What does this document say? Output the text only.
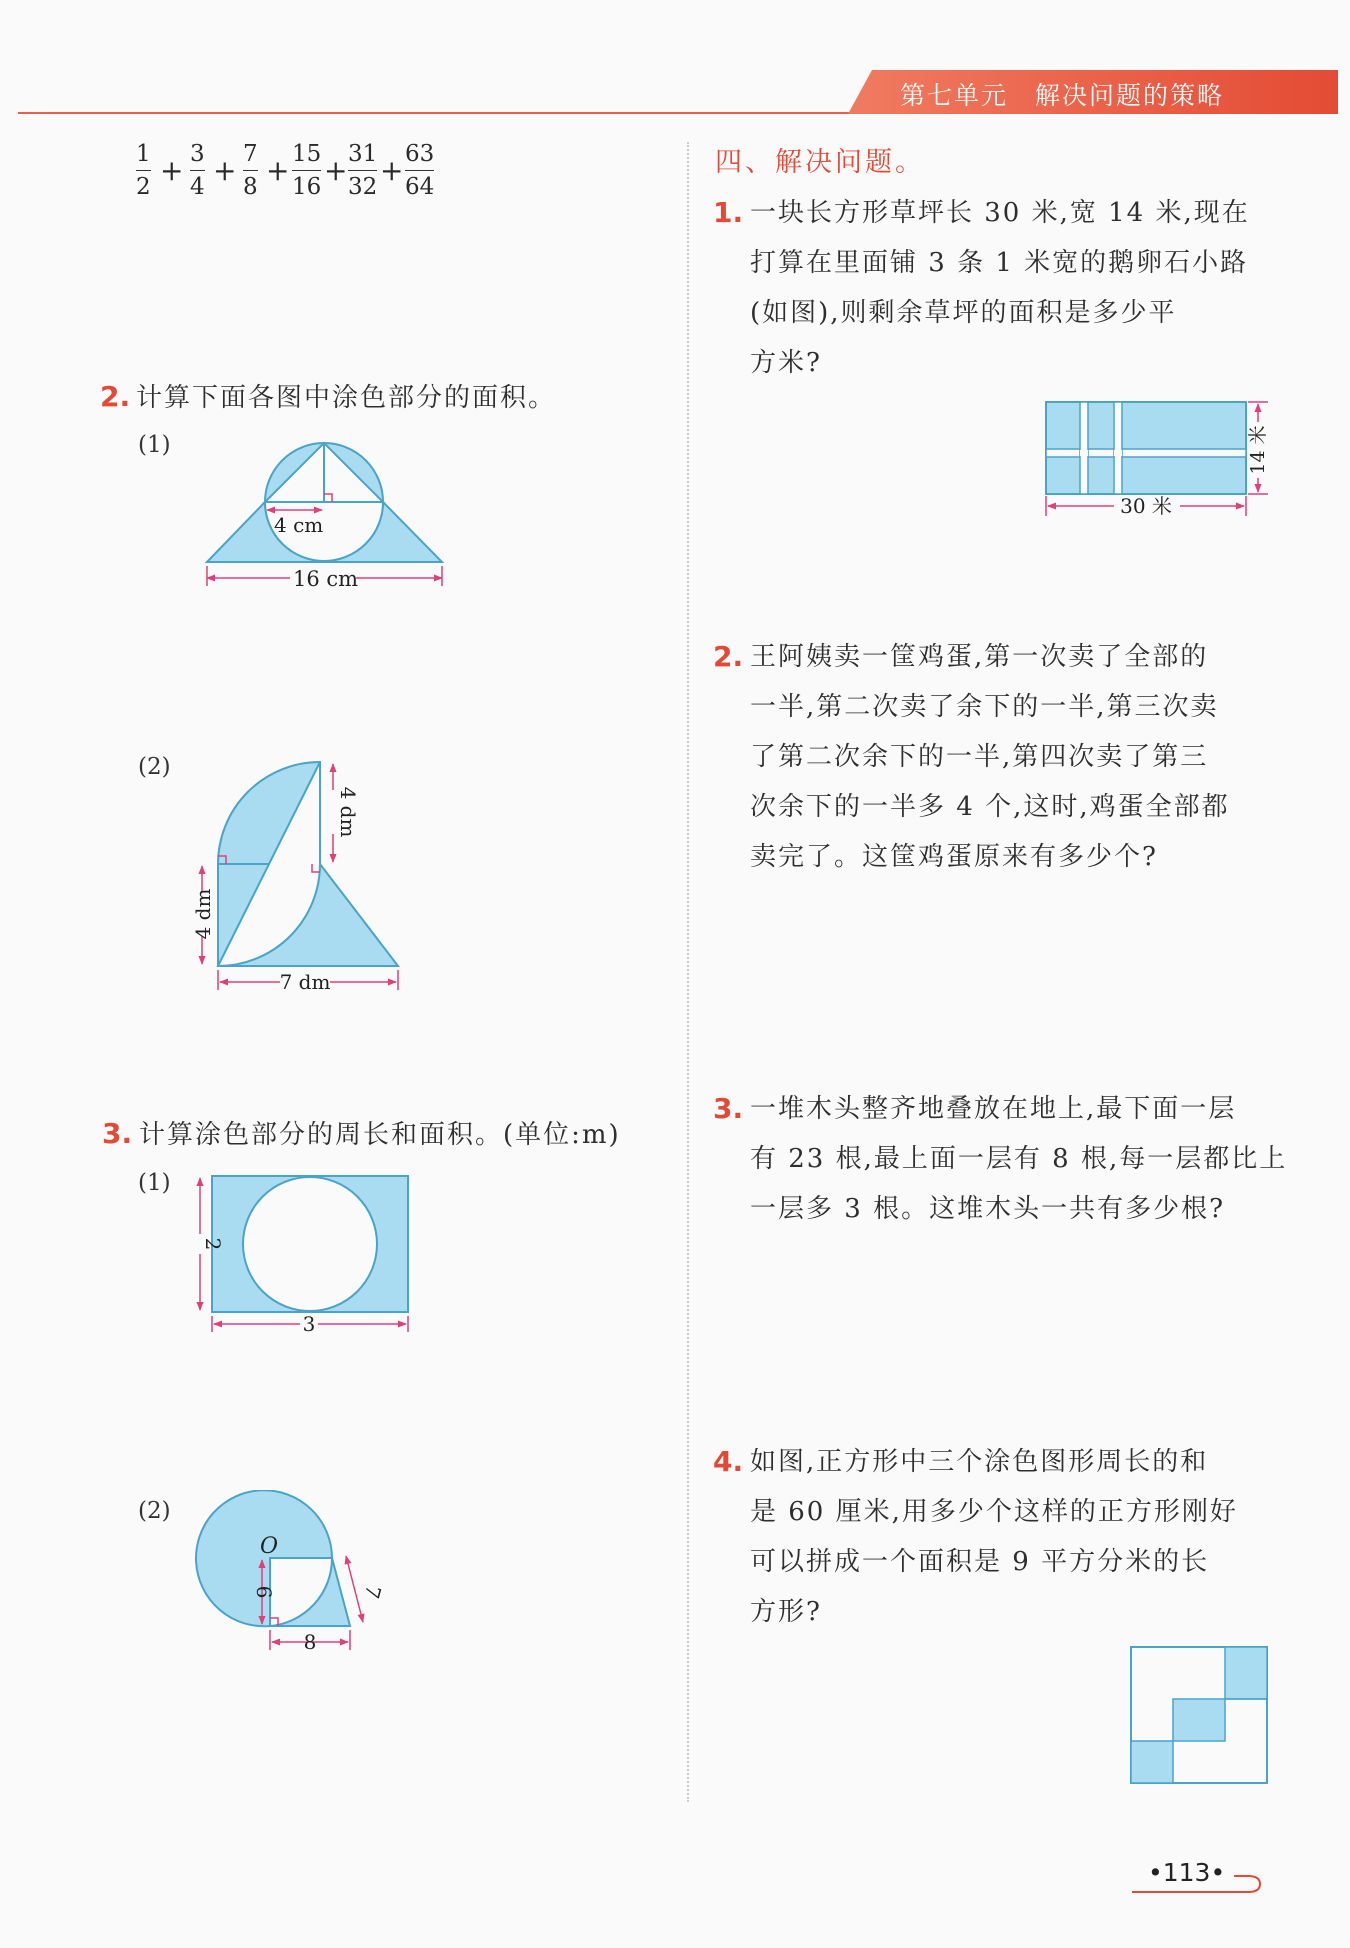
第七单元　解决问题的策略
1
2 + 3
4 + 7
8 + 15
16 + 31
32 + 63
64
2. 计算下面各图中涂色部分的面积。
(1)
4 cm
16 cm
(2)
4 dm
4 dm
7 dm
3. 计算涂色部分的周长和面积。(单位:m)
(1)
2
3
(2)
O
6
8
7
四、解决问题。
1. 一块长方形草坪长 30 米,宽 14 米,现在
打算在里面铺 3 条 1 米宽的鹅卵石小路
(如图),则剩余草坪的面积是多少平
方米?
14 米
30 米
2. 王阿姨卖一筐鸡蛋,第一次卖了全部的
一半,第二次卖了余下的一半,第三次卖
了第二次余下的一半,第四次卖了第三
次余下的一半多 4 个,这时,鸡蛋全部都
卖完了。这筐鸡蛋原来有多少个?
3. 一堆木头整齐地叠放在地上,最下面一层
有 23 根,最上面一层有 8 根,每一层都比上
一层多 3 根。这堆木头一共有多少根?
4. 如图,正方形中三个涂色图形周长的和
是 60 厘米,用多少个这样的正方形刚好
可以拼成一个面积是 9 平方分米的长
方形?
•113•
